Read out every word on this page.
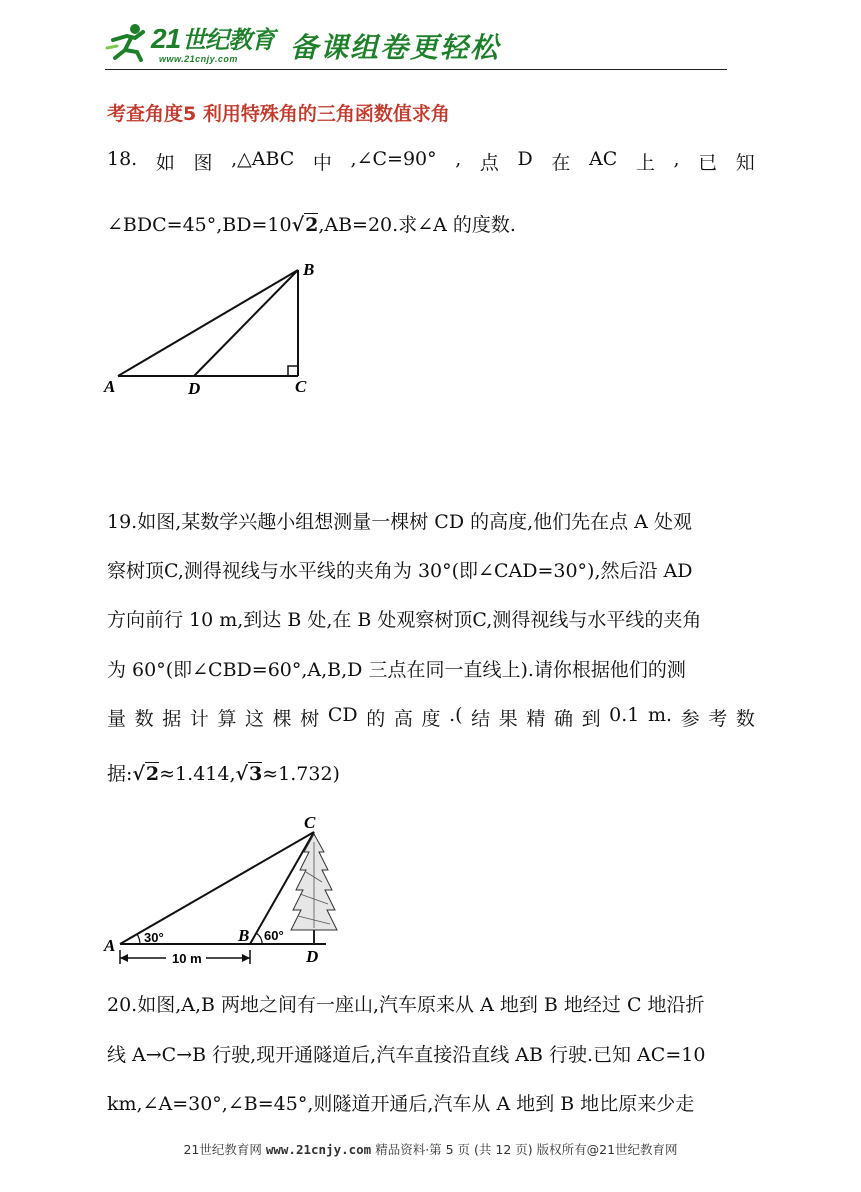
21世纪教育
www.21cnjy.com 备课组卷更轻松
考查角度5 利用特殊角的三角函数值求角
18. 如 图 ,△ABC 中 ,∠C=90° , 点 D 在 AC 上 , 已 知
∠BDC=45°,BD=10√2,AB=20.求∠A 的度数.
A	D	C
B
19.如图,某数学兴趣小组想测量一棵树 CD 的高度,他们先在点 A 处观
察树顶C,测得视线与水平线的夹角为 30°(即∠CAD=30°),然后沿 AD
方向前行 10 m,到达 B 处,在 B 处观察树顶C,测得视线与水平线的夹角
为 60°(即∠CBD=60°,A,B,D 三点在同一直线上).请你根据他们的测
量 数 据 计 算 这 棵 树 CD 的 高 度 .( 结 果 精 确 到 0.1 m. 参 考 数
据:√2≈1.414,√3≈1.732)
10 m
A
B
C
D
30°	60°
20.如图,A,B 两地之间有一座山,汽车原来从 A 地到 B 地经过 C 地沿折
线 A→C→B 行驶,现开通隧道后,汽车直接沿直线 AB 行驶.已知 AC=10
km,∠A=30°,∠B=45°,则隧道开通后,汽车从 A 地到 B 地比原来少走
21世纪教育网 www.21cnjy.com 精品资料·第 5 页 (共 12 页) 版权所有@21世纪教育网
